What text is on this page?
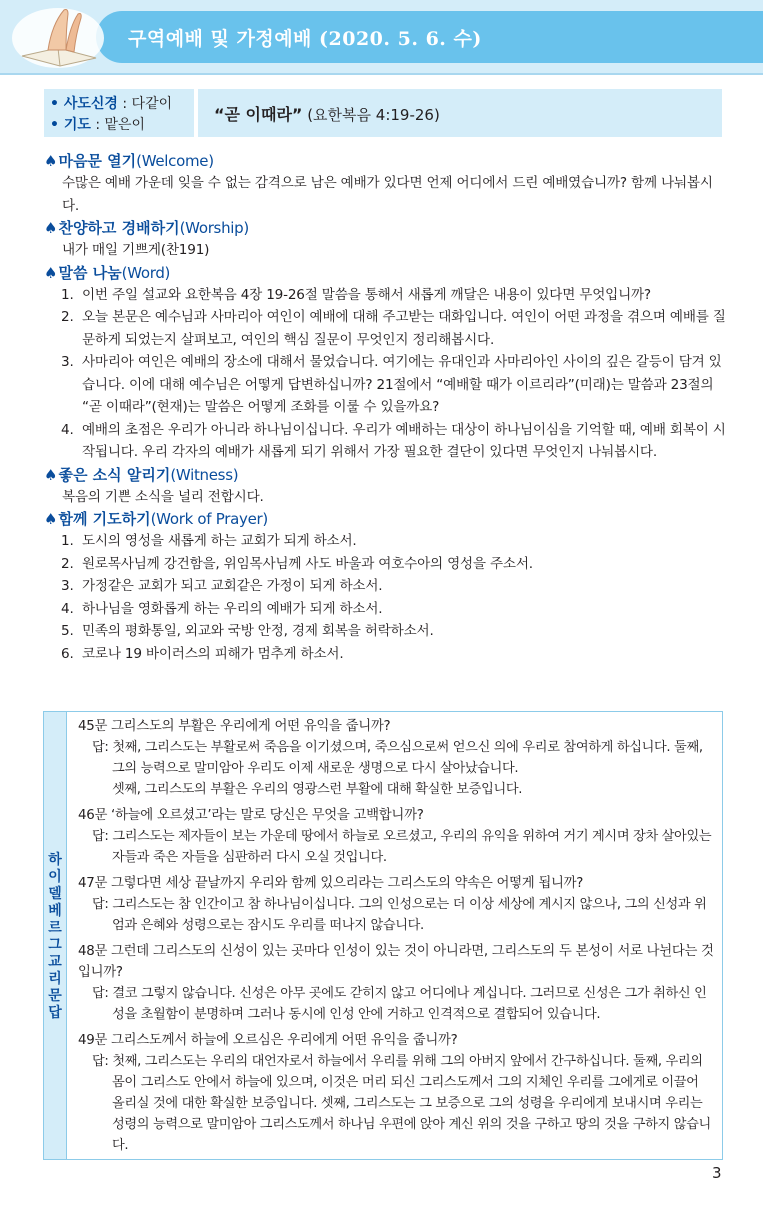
구역예배 및 가정예배 (2020. 5. 6. 수)
• 사도신경 : 다같이
• 기도 : 맡은이
“곧 이때라” (요한복음 4:19-26)
♠마음문 열기(Welcome)
수많은 예배 가운데 잊을 수 없는 감격으로 남은 예배가 있다면 언제 어디에서 드린 예배였습니까? 함께 나눠봅시다.
♠찬양하고 경배하기(Worship)
내가 매일 기쁘게(찬191)
♠말씀 나눔(Word)
1. 이번 주일 설교와 요한복음 4장 19-26절 말씀을 통해서 새롭게 깨달은 내용이 있다면 무엇입니까?
2. 오늘 본문은 예수님과 사마리아 여인이 예배에 대해 주고받는 대화입니다. 여인이 어떤 과정을 겪으며 예배를 질문하게 되었는지 살펴보고, 여인의 핵심 질문이 무엇인지 정리해봅시다.
3. 사마리아 여인은 예배의 장소에 대해서 물었습니다. 여기에는 유대인과 사마리아인 사이의 깊은 갈등이 담겨 있습니다. 이에 대해 예수님은 어떻게 답변하십니까? 21절에서 “예배할 때가 이르리라”(미래)는 말씀과 23절의 “곧 이때라”(현재)는 말씀은 어떻게 조화를 이룰 수 있을까요?
4. 예배의 초점은 우리가 아니라 하나님이십니다. 우리가 예배하는 대상이 하나님이심을 기억할 때, 예배 회복이 시작됩니다. 우리 각자의 예배가 새롭게 되기 위해서 가장 필요한 결단이 있다면 무엇인지 나눠봅시다.
♠좋은 소식 알리기(Witness)
복음의 기쁜 소식을 널리 전합시다.
♠함께 기도하기(Work of Prayer)
1. 도시의 영성을 새롭게 하는 교회가 되게 하소서.
2. 원로목사님께 강건함을, 위임목사님께 사도 바울과 여호수아의 영성을 주소서.
3. 가정같은 교회가 되고 교회같은 가정이 되게 하소서.
4. 하나님을 영화롭게 하는 우리의 예배가 되게 하소서.
5. 민족의 평화통일, 외교와 국방 안정, 경제 회복을 허락하소서.
6. 코로나 19 바이러스의 피해가 멈추게 하소서.
하이델베르그교리문답
45문 그리스도의 부활은 우리에게 어떤 유익을 줍니까?
답: 첫째, 그리스도는 부활로써 죽음을 이기셨으며, 죽으심으로써 얻으신 의에 우리로 참여하게 하십니다. 둘째, 그의 능력으로 말미암아 우리도 이제 새로운 생명으로 다시 살아났습니다.
셋째, 그리스도의 부활은 우리의 영광스런 부활에 대해 확실한 보증입니다.
46문 ‘하늘에 오르셨고’라는 말로 당신은 무엇을 고백합니까?
답: 그리스도는 제자들이 보는 가운데 땅에서 하늘로 오르셨고, 우리의 유익을 위하여 거기 계시며 장차 살아있는 자들과 죽은 자들을 심판하러 다시 오실 것입니다.
47문 그렇다면 세상 끝날까지 우리와 함께 있으리라는 그리스도의 약속은 어떻게 됩니까?
답: 그리스도는 참 인간이고 참 하나님이십니다. 그의 인성으로는 더 이상 세상에 계시지 않으나, 그의 신성과 위엄과 은혜와 성령으로는 잠시도 우리를 떠나지 않습니다.
48문 그런데 그리스도의 신성이 있는 곳마다 인성이 있는 것이 아니라면, 그리스도의 두 본성이 서로 나뉜다는 것입니까?
답: 결코 그렇지 않습니다. 신성은 아무 곳에도 갇히지 않고 어디에나 계십니다. 그러므로 신성은 그가 취하신 인성을 초월함이 분명하며 그러나 동시에 인성 안에 거하고 인격적으로 결합되어 있습니다.
49문 그리스도께서 하늘에 오르심은 우리에게 어떤 유익을 줍니까?
답: 첫째, 그리스도는 우리의 대언자로서 하늘에서 우리를 위해 그의 아버지 앞에서 간구하십니다. 둘째, 우리의 몸이 그리스도 안에서 하늘에 있으며, 이것은 머리 되신 그리스도께서 그의 지체인 우리를 그에게로 이끌어 올리실 것에 대한 확실한 보증입니다. 셋째, 그리스도는 그 보증으로 그의 성령을 우리에게 보내시며 우리는 성령의 능력으로 말미암아 그리스도께서 하나님 우편에 앉아 계신 위의 것을 구하고 땅의 것을 구하지 않습니다.
3
